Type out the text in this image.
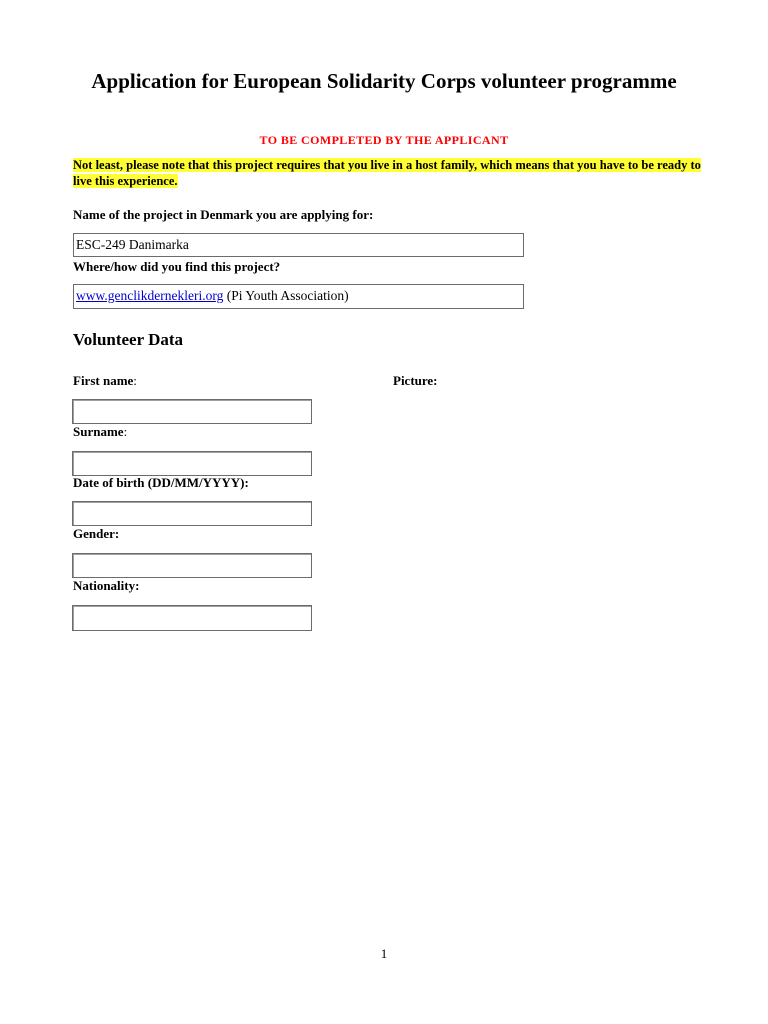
Application for European Solidarity Corps volunteer programme

TO BE COMPLETED BY THE APPLICANT

Not least, please note that this project requires that you live in a host family, which means that you have to be ready to live this experience.

Name of the project in Denmark you are applying for:

ESC-249 Danimarka

Where/how did you find this project?

www.genclikdernekleri.org (Pi Youth Association)
Volunteer Data

First name:	Picture:

Surname:

Date of birth (DD/MM/YYYY):

Gender:

Nationality:

1
